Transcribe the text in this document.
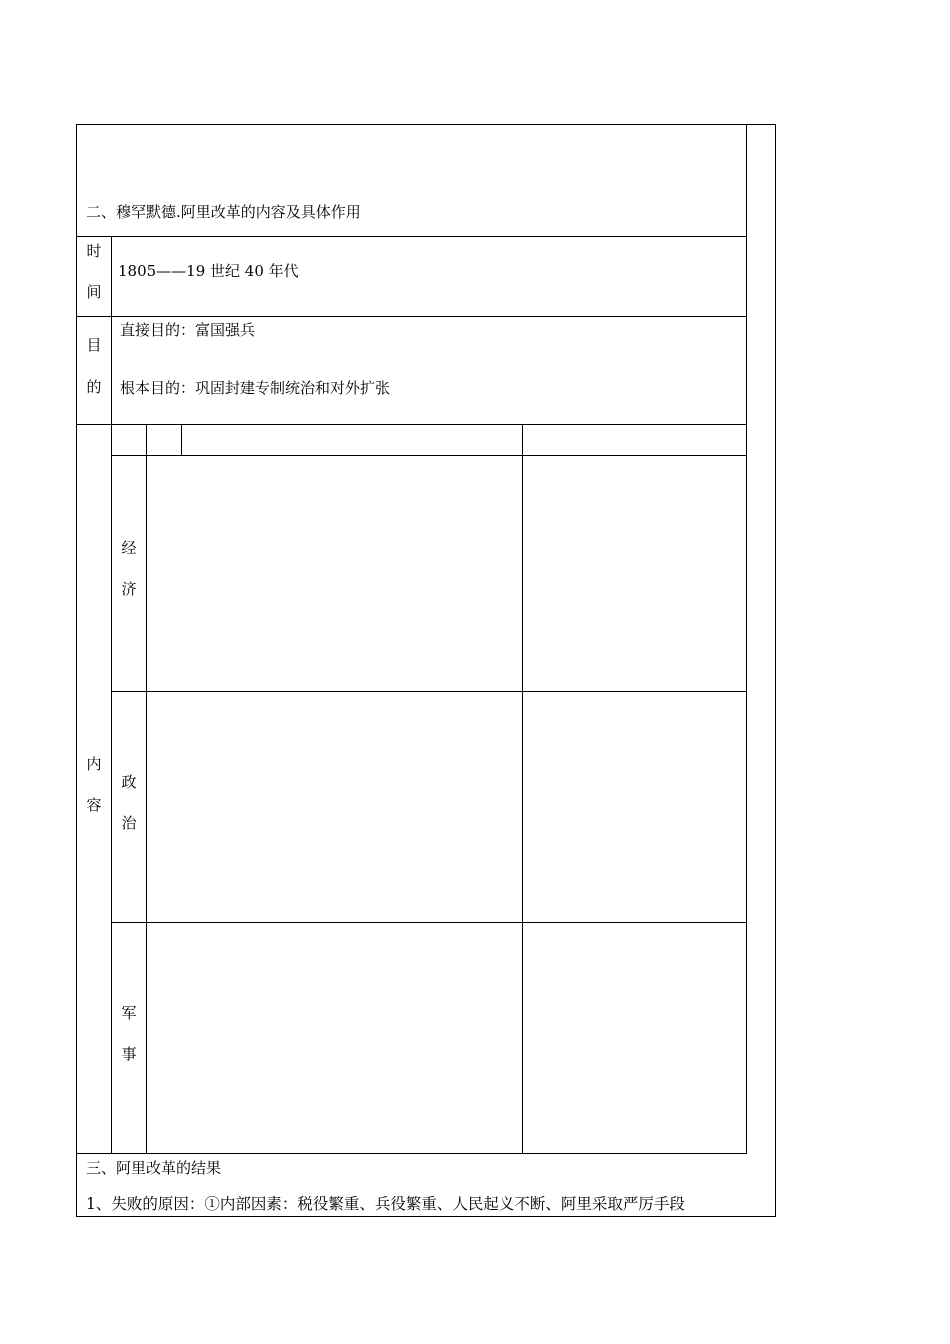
二、穆罕默德.阿里改革的内容及具体作用
时
间
1805——19 世纪 40 年代
目
的
直接目的：富国强兵
根本目的：巩固封建专制统治和对外扩张
内
容
经
济
政
治
军
事
三、阿里改革的结果
1、失败的原因：①内部因素：税役繁重、兵役繁重、人民起义不断、阿里采取严厉手段
